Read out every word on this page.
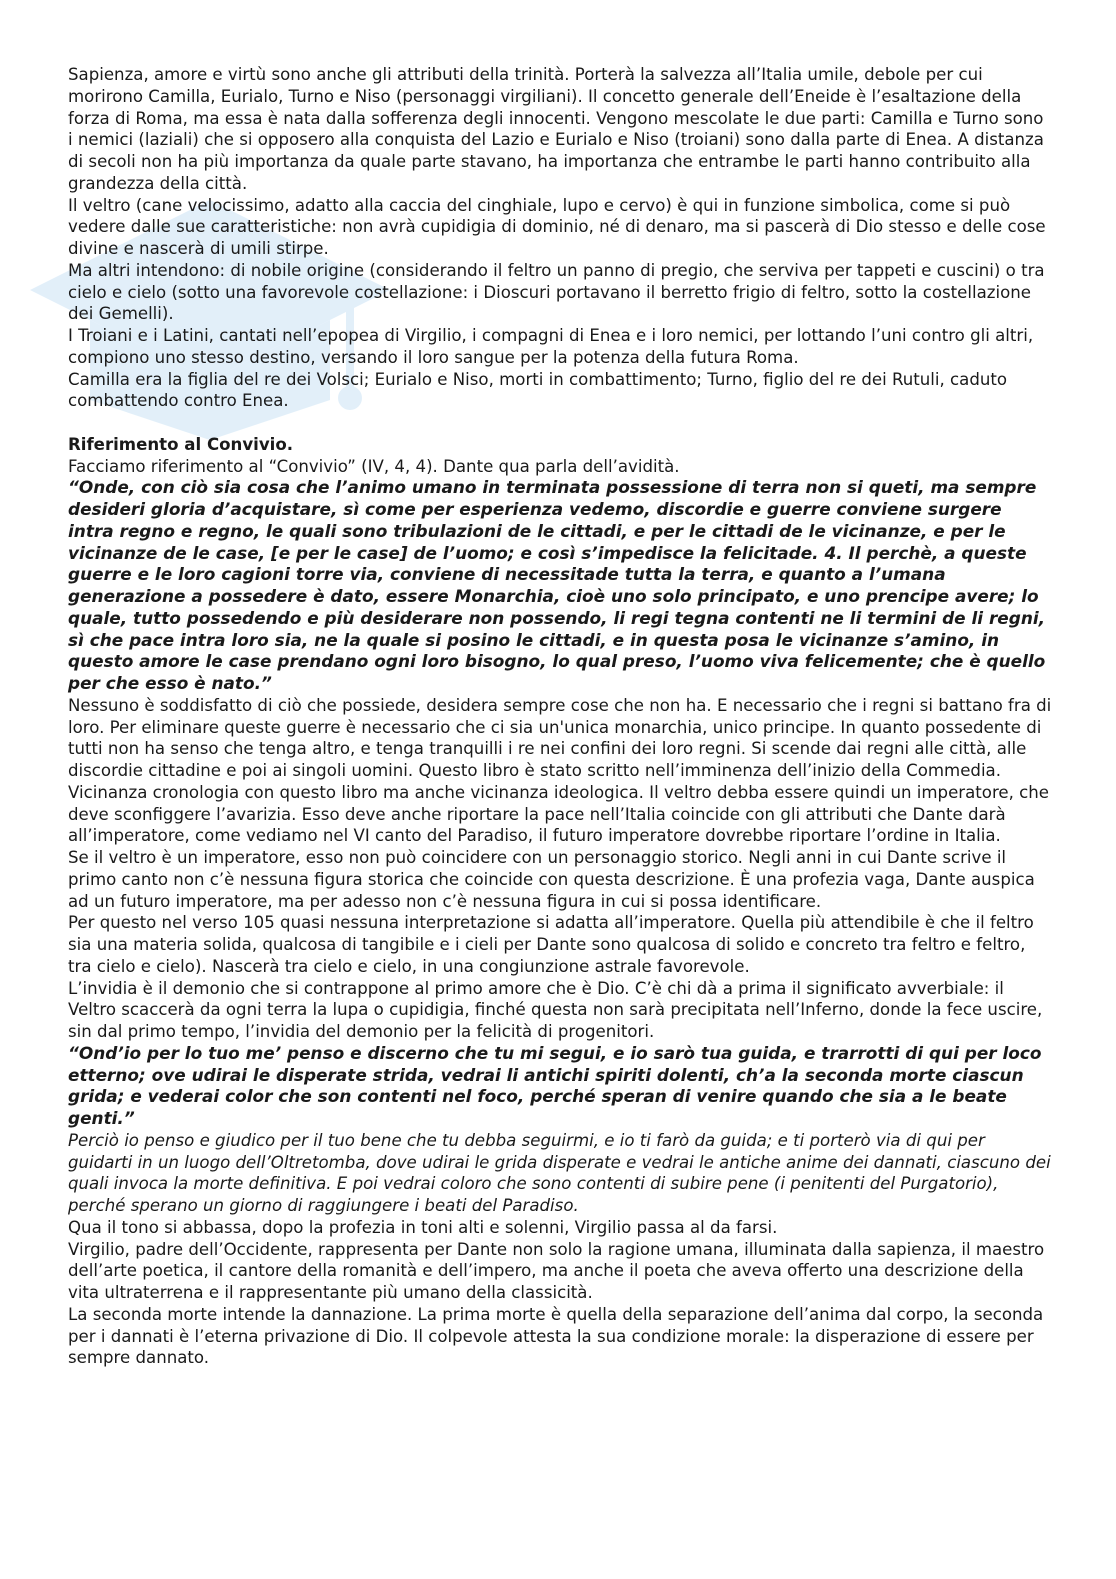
Sapienza, amore e virtù sono anche gli attributi della trinità. Porterà la salvezza all’Italia umile, debole per cui morirono Camilla, Eurialo, Turno e Niso (personaggi virgiliani). Il concetto generale dell’Eneide è l’esaltazione della forza di Roma, ma essa è nata dalla sofferenza degli innocenti. Vengono mescolate le due parti: Camilla e Turno sono i nemici (laziali) che si opposero alla conquista del Lazio e Eurialo e Niso (troiani) sono dalla parte di Enea. A distanza di secoli non ha più importanza da quale parte stavano, ha importanza che entrambe le parti hanno contribuito alla grandezza della città.

Il veltro (cane velocissimo, adatto alla caccia del cinghiale, lupo e cervo) è qui in funzione simbolica, come si può vedere dalle sue caratteristiche: non avrà cupidigia di dominio, né di denaro, ma si pascerà di Dio stesso e delle cose divine e nascerà di umili stirpe.

Ma altri intendono: di nobile origine (considerando il feltro un panno di pregio, che serviva per tappeti e cuscini) o tra cielo e cielo (sotto una favorevole costellazione: i Dioscuri portavano il berretto frigio di feltro, sotto la costellazione dei Gemelli).

I Troiani e i Latini, cantati nell’epopea di Virgilio, i compagni di Enea e i loro nemici, per lottando l’uni contro gli altri, compiono uno stesso destino, versando il loro sangue per la potenza della futura Roma.

Camilla era la figlia del re dei Volsci; Eurialo e Niso, morti in combattimento; Turno, figlio del re dei Rutuli, caduto combattendo contro Enea.

Riferimento al Convivio.

Facciamo riferimento al “Convivio” (IV, 4, 4). Dante qua parla dell’avidità.

“Onde, con ciò sia cosa che l’animo umano in terminata possessione di terra non si queti, ma sempre desideri gloria d’acquistare, sì come per esperienza vedemo, discordie e guerre conviene surgere intra regno e regno, le quali sono tribulazioni de le cittadi, e per le cittadi de le vicinanze, e per le vicinanze de le case, [e per le case] de l’uomo; e così s’impedisce la felicitade. 4. Il perchè, a queste guerre e le loro cagioni torre via, conviene di necessitade tutta la terra, e quanto a l’umana generazione a possedere è dato, essere Monarchia, cioè uno solo principato, e uno prencipe avere; lo quale, tutto possedendo e più desiderare non possendo, li regi tegna contenti ne li termini de li regni, sì che pace intra loro sia, ne la quale si posino le cittadi, e in questa posa le vicinanze s’amino, in questo amore le case prendano ogni loro bisogno, lo qual preso, l’uomo viva felicemente; che è quello per che esso è nato.”

Nessuno è soddisfatto di ciò che possiede, desidera sempre cose che non ha. E necessario che i regni si battano fra di loro. Per eliminare queste guerre è necessario che ci sia un'unica monarchia, unico principe. In quanto possedente di tutti non ha senso che tenga altro, e tenga tranquilli i re nei confini dei loro regni. Si scende dai regni alle città, alle discordie cittadine e poi ai singoli uomini. Questo libro è stato scritto nell’imminenza dell’inizio della Commedia.

Vicinanza cronologia con questo libro ma anche vicinanza ideologica. Il veltro debba essere quindi un imperatore, che deve sconfiggere l’avarizia. Esso deve anche riportare la pace nell’Italia coincide con gli attributi che Dante darà all’imperatore, come vediamo nel VI canto del Paradiso, il futuro imperatore dovrebbe riportare l’ordine in Italia.

Se il veltro è un imperatore, esso non può coincidere con un personaggio storico. Negli anni in cui Dante scrive il primo canto non c’è nessuna figura storica che coincide con questa descrizione. È una profezia vaga, Dante auspica ad un futuro imperatore, ma per adesso non c’è nessuna figura in cui si possa identificare.

Per questo nel verso 105 quasi nessuna interpretazione si adatta all’imperatore. Quella più attendibile è che il feltro sia una materia solida, qualcosa di tangibile e i cieli per Dante sono qualcosa di solido e concreto tra feltro e feltro, tra cielo e cielo). Nascerà tra cielo e cielo, in una congiunzione astrale favorevole.

L’invidia è il demonio che si contrappone al primo amore che è Dio. C’è chi dà a prima il significato avverbiale: il Veltro scaccerà da ogni terra la lupa o cupidigia, finché questa non sarà precipitata nell’Inferno, donde la fece uscire, sin dal primo tempo, l’invidia del demonio per la felicità di progenitori.

“Ond’io per lo tuo me’ penso e discerno che tu mi segui, e io sarò tua guida, e trarrotti di qui per loco etterno; ove udirai le disperate strida, vedrai li antichi spiriti dolenti, ch’a la seconda morte ciascun grida; e vederai color che son contenti nel foco, perché speran di venire quando che sia a le beate genti.”

Perciò io penso e giudico per il tuo bene che tu debba seguirmi, e io ti farò da guida; e ti porterò via di qui per guidarti in un luogo dell’Oltretomba, dove udirai le grida disperate e vedrai le antiche anime dei dannati, ciascuno dei quali invoca la morte definitiva. E poi vedrai coloro che sono contenti di subire pene (i penitenti del Purgatorio), perché sperano un giorno di raggiungere i beati del Paradiso.

Qua il tono si abbassa, dopo la profezia in toni alti e solenni, Virgilio passa al da farsi.

Virgilio, padre dell’Occidente, rappresenta per Dante non solo la ragione umana, illuminata dalla sapienza, il maestro dell’arte poetica, il cantore della romanità e dell’impero, ma anche il poeta che aveva offerto una descrizione della vita ultraterrena e il rappresentante più umano della classicità.

La seconda morte intende la dannazione. La prima morte è quella della separazione dell’anima dal corpo, la seconda per i dannati è l’eterna privazione di Dio. Il colpevole attesta la sua condizione morale: la disperazione di essere per sempre dannato.
